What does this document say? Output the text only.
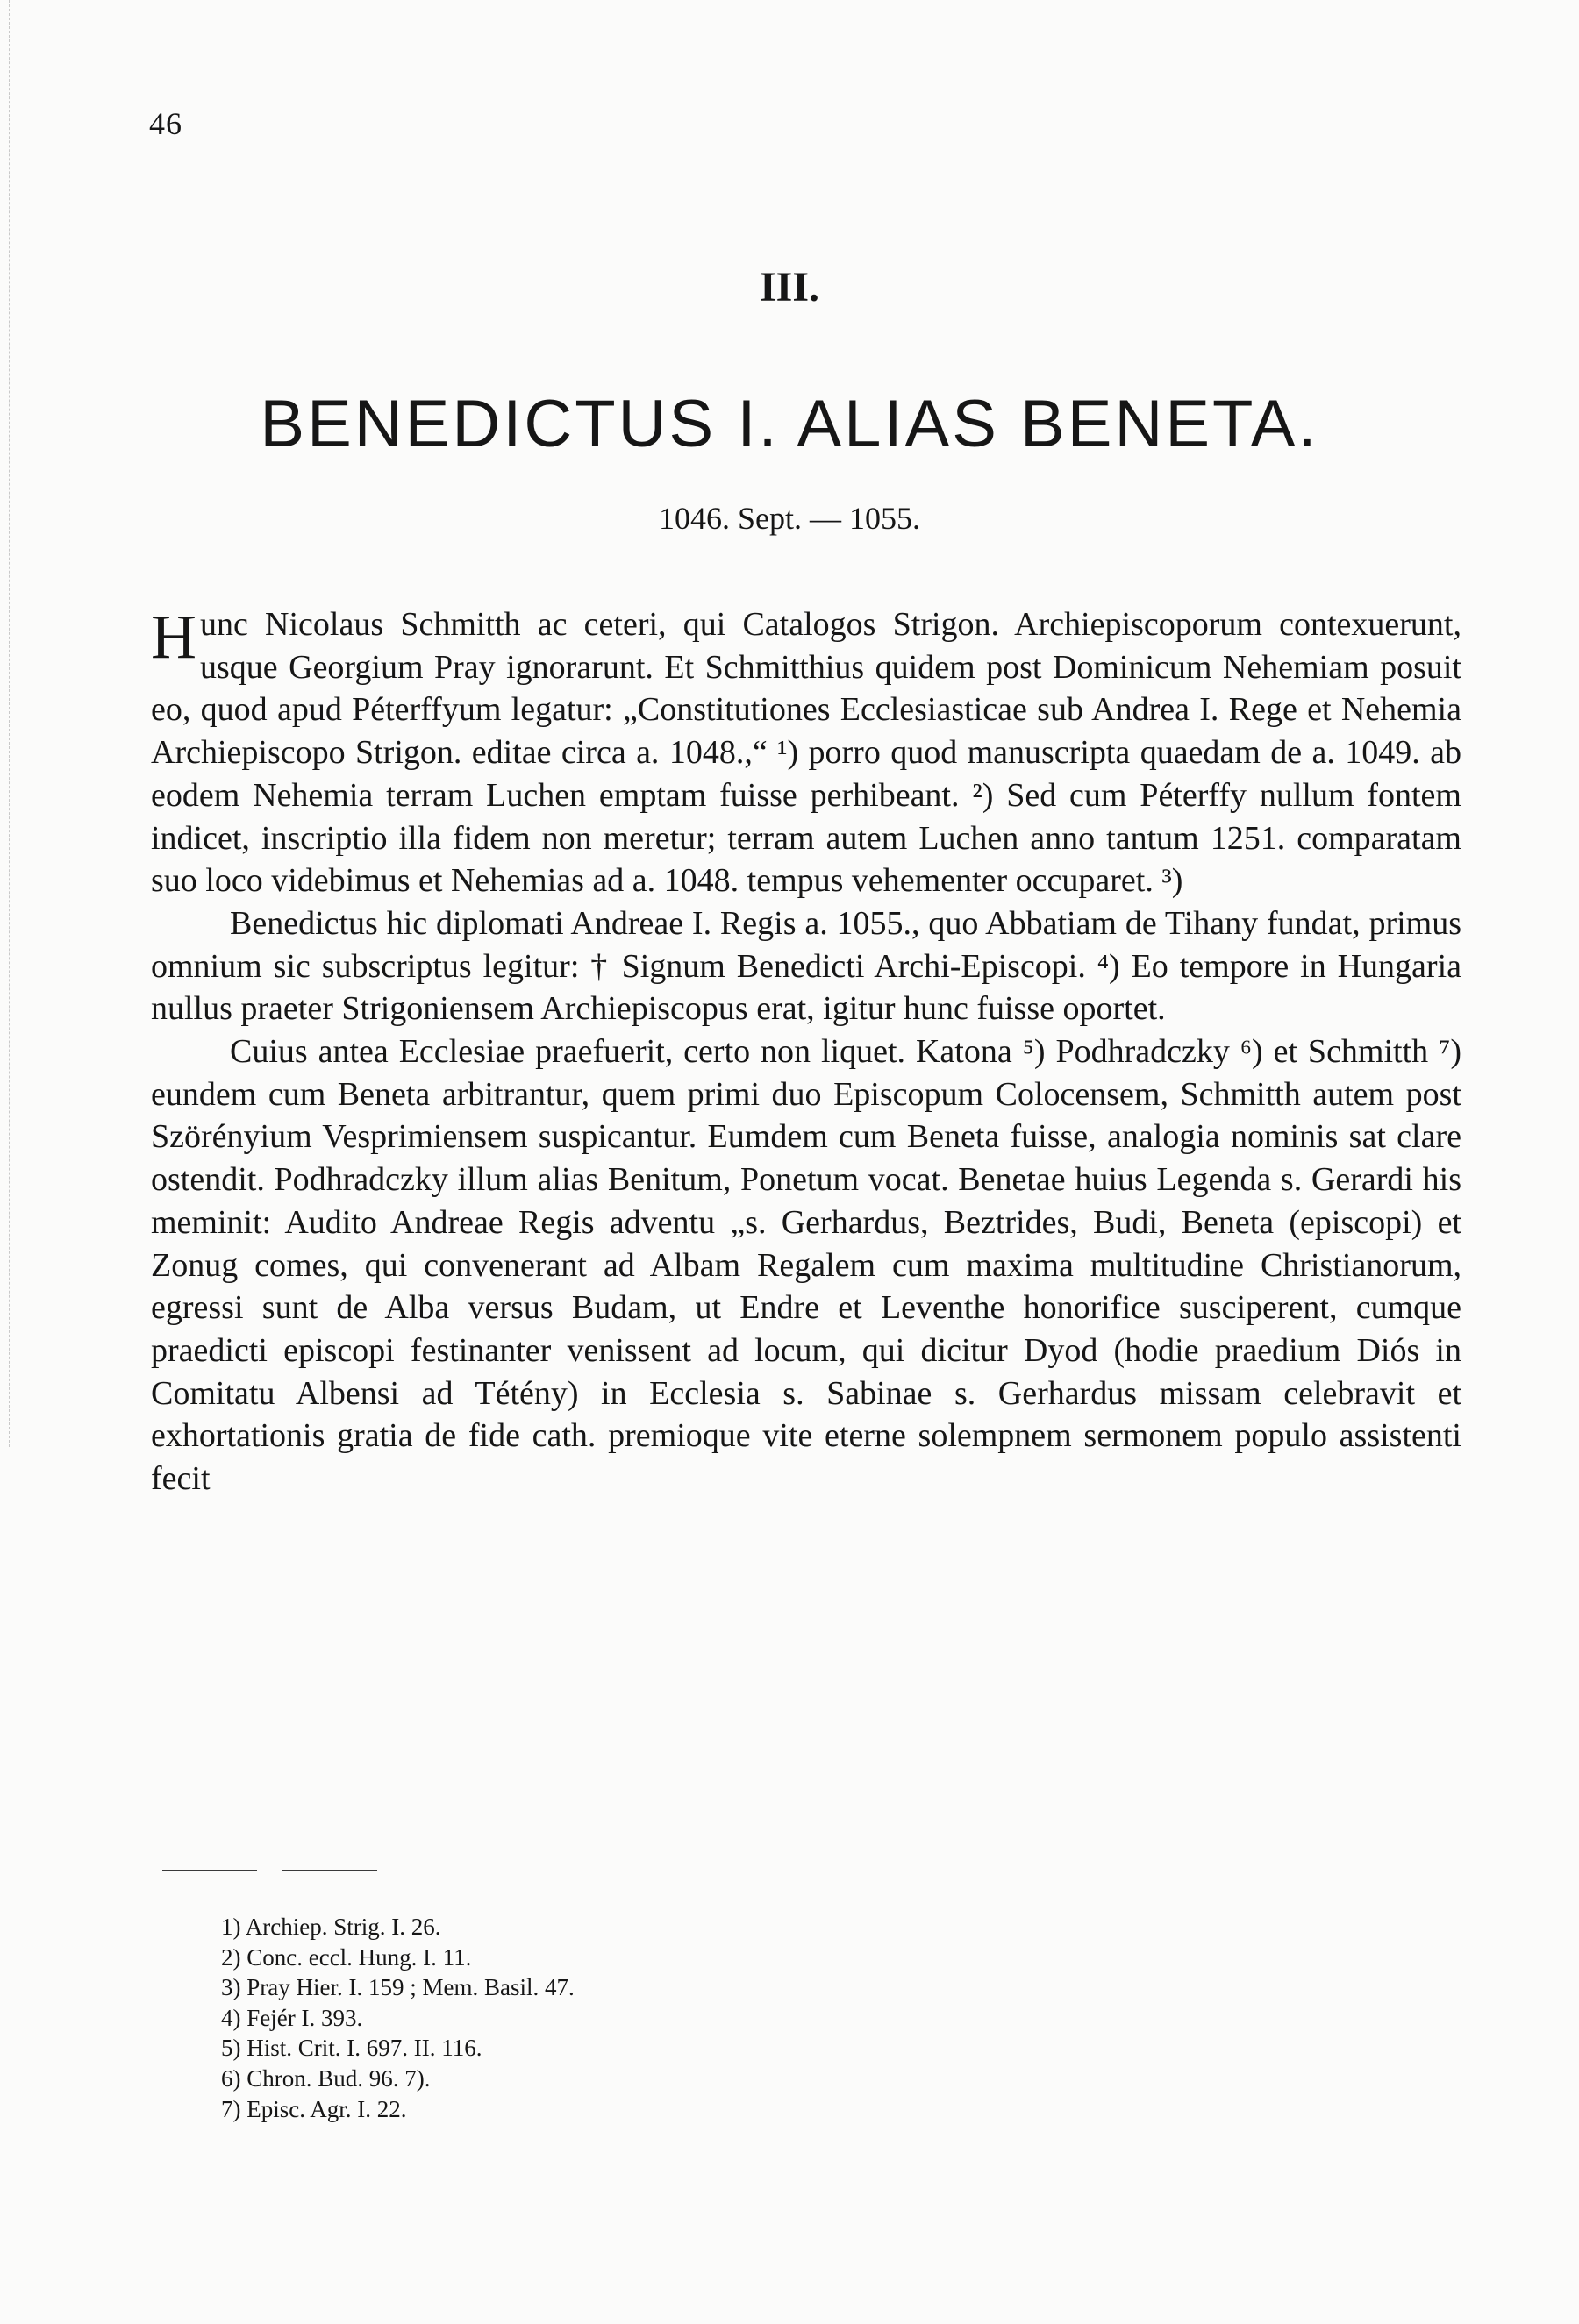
46
III.
BENEDICTUS I. ALIAS BENETA.
1046. Sept. — 1055.

Hunc Nicolaus Schmitth ac ceteri, qui Catalogos Strigon. Archiepiscoporum contexuerunt, usque Georgium Pray ignorarunt. Et Schmitthius quidem post Dominicum Nehemiam posuit eo, quod apud Péterffyum legatur: „Constitutiones Ecclesiasticae sub Andrea I. Rege et Nehemia Archiepiscopo Strigon. editae circa a. 1048.,“ ¹) porro quod manuscripta quaedam de a. 1049. ab eodem Nehemia terram Luchen emptam fuisse perhibeant. ²) Sed cum Péterffy nullum fontem indicet, inscriptio illa fidem non meretur; terram autem Luchen anno tantum 1251. comparatam suo loco videbimus et Nehemias ad a. 1048. tempus vehementer occuparet. ³)

Benedictus hic diplomati Andreae I. Regis a. 1055., quo Abbatiam de Tihany fundat, primus omnium sic subscriptus legitur: † Signum Benedicti Archi-Episcopi. ⁴) Eo tempore in Hungaria nullus praeter Strigoniensem Archiepiscopus erat, igitur hunc fuisse oportet.

Cuius antea Ecclesiae praefuerit, certo non liquet. Katona ⁵) Podhradczky ⁶) et Schmitth ⁷) eundem cum Beneta arbitrantur, quem primi duo Episcopum Colocensem, Schmitth autem post Szörényium Vesprimiensem suspicantur. Eumdem cum Beneta fuisse, analogia nominis sat clare ostendit. Podhradczky illum alias Benitum, Ponetum vocat. Benetae huius Legenda s. Gerardi his meminit: Audito Andreae Regis adventu „s. Gerhardus, Beztrides, Budi, Beneta (episcopi) et Zonug comes, qui convenerant ad Albam Regalem cum maxima multitudine Christianorum, egressi sunt de Alba versus Budam, ut Endre et Leventhe honorifice susciperent, cumque praedicti episcopi festinanter venissent ad locum, qui dicitur Dyod (hodie praedium Diós in Comitatu Albensi ad Tétény) in Ecclesia s. Sabinae s. Gerhardus missam celebravit et exhortationis gratia de fide cath. premioque vite eterne solempnem sermonem populo assistenti fecit

1) Archiep. Strig. I. 26.
2) Conc. eccl. Hung. I. 11.
3) Pray Hier. I. 159 ; Mem. Basil. 47.
4) Fejér I. 393.
5) Hist. Crit. I. 697. II. 116.
6) Chron. Bud. 96. 7).
7) Episc. Agr. I. 22.
